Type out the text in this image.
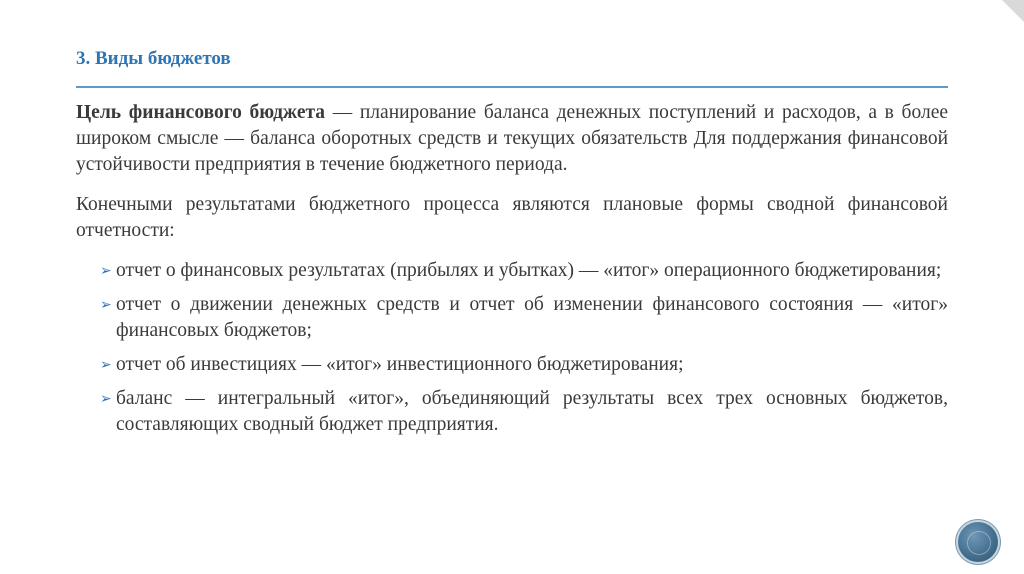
3. Виды бюджетов

Цель финансового бюджета — планирование баланса денежных поступлений и расходов, а в более широком смысле — баланса оборотных средств и текущих обязательств Для поддержания финансовой устойчивости предприятия в течение бюджетного периода.

Конечными результатами бюджетного процесса являются плановые формы сводной финансовой отчетности:

➢ отчет о финансовых результатах (прибылях и убытках) — «итог» операционного бюджетирования;
➢ отчет о движении денежных средств и отчет об изменении финансового состояния — «итог» финансовых бюджетов;
➢ отчет об инвестициях — «итог» инвестиционного бюджетирования;
➢ баланс — интегральный «итог», объединяющий результаты всех трех основных бюджетов, составляющих сводный бюджет предприятия.
